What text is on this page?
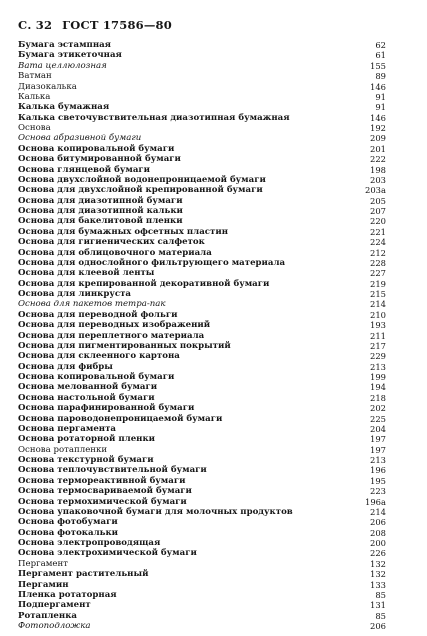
С. 32 ГОСТ 17586—80
Бумага эстампная	62
Бумага этикеточная	61
Вата целлюлозная	155
Ватман	89
Диазокалька	146
Калька	91
Калька бумажная	91
Калька светочувствительная диазотипная бумажная	146
Основа	192
Основа абразивной бумаги	209
Основа копировальной бумаги	201
Основа битумированной бумаги	222
Основа глянцевой бумаги	198
Основа двухслойной водонепроницаемой бумаги	203
Основа для двухслойной крепированной бумаги	203а
Основа для диазотипной бумаги	205
Основа для диазотипной кальки	207
Основа для бакелитовой пленки	220
Основа для бумажных офсетных пластин	221
Основа для гигиенических салфеток	224
Основа для облицовочного материала	212
Основа для однослойного фильтрующего материала	228
Основа для клеевой ленты	227
Основа для крепированной декоративной бумаги	219
Основа для линкруста	215
Основа для пакетов тетра-пак	214
Основа для переводной фольги	210
Основа для переводных изображений	193
Основа для переплетного материала	211
Основа для пигментированных покрытий	217
Основа для склеенного картона	229
Основа для фибры	213
Основа копировальной бумаги	199
Основа мелованной бумаги	194
Основа настольной бумаги	218
Основа парафинированной бумаги	202
Основа пароводонепроницаемой бумаги	225
Основа пергамента	204
Основа ротаторной пленки	197
Основа ротапленки	197
Основа текстурной бумаги	213
Основа теплочувствительной бумаги	196
Основа термореактивной бумаги	195
Основа термосвариваемой бумаги	223
Основа термохимической бумаги	196а
Основа упаковочной бумаги для молочных продуктов	214
Основа фотобумаги	206
Основа фотокальки	208
Основа электропроводящая	200
Основа электрохимической бумаги	226
Пергамент	132
Пергамент растительный	132
Пергамин	133
Пленка ротаторная	85
Подпергамент	131
Ротапленка	85
Фотоподложка	206
